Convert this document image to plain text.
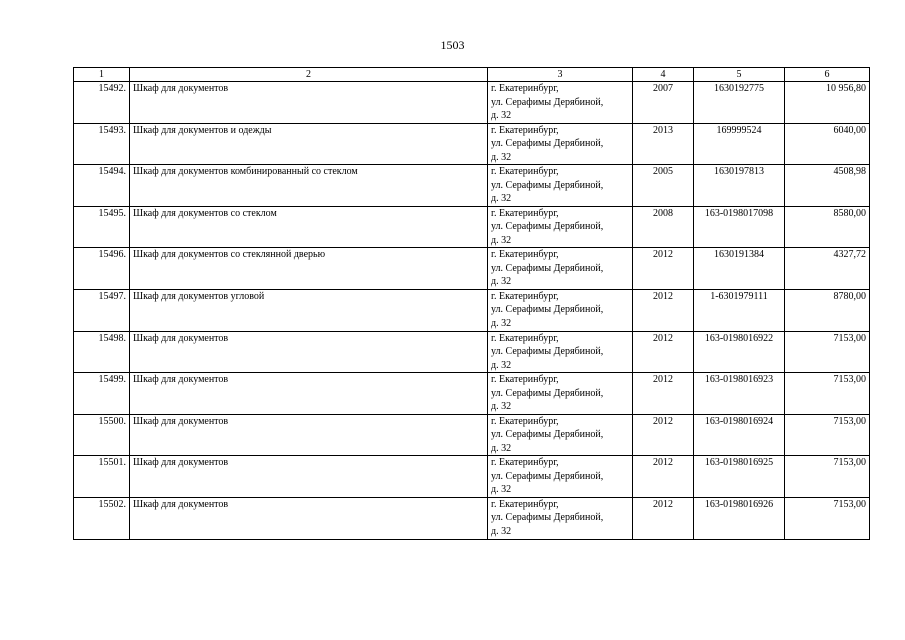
1503
1	2	3	4	5	6
15492.	Шкаф для документов	г. Екатеринбург,
ул. Серафимы Дерябиной,
д. 32	2007	1630192775	10 956,80
15493.	Шкаф для документов и одежды	г. Екатеринбург,
ул. Серафимы Дерябиной,
д. 32	2013	169999524	6040,00
15494.	Шкаф для документов комбинированный со стеклом	г. Екатеринбург,
ул. Серафимы Дерябиной,
д. 32	2005	1630197813	4508,98
15495.	Шкаф для документов со стеклом	г. Екатеринбург,
ул. Серафимы Дерябиной,
д. 32	2008	163-0198017098	8580,00
15496.	Шкаф для документов со стеклянной дверью	г. Екатеринбург,
ул. Серафимы Дерябиной,
д. 32	2012	1630191384	4327,72
15497.	Шкаф для документов угловой	г. Екатеринбург,
ул. Серафимы Дерябиной,
д. 32	2012	1-6301979111	8780,00
15498.	Шкаф для документов	г. Екатеринбург,
ул. Серафимы Дерябиной,
д. 32	2012	163-0198016922	7153,00
15499.	Шкаф для документов	г. Екатеринбург,
ул. Серафимы Дерябиной,
д. 32	2012	163-0198016923	7153,00
15500.	Шкаф для документов	г. Екатеринбург,
ул. Серафимы Дерябиной,
д. 32	2012	163-0198016924	7153,00
15501.	Шкаф для документов	г. Екатеринбург,
ул. Серафимы Дерябиной,
д. 32	2012	163-0198016925	7153,00
15502.	Шкаф для документов	г. Екатеринбург,
ул. Серафимы Дерябиной,
д. 32	2012	163-0198016926	7153,00
